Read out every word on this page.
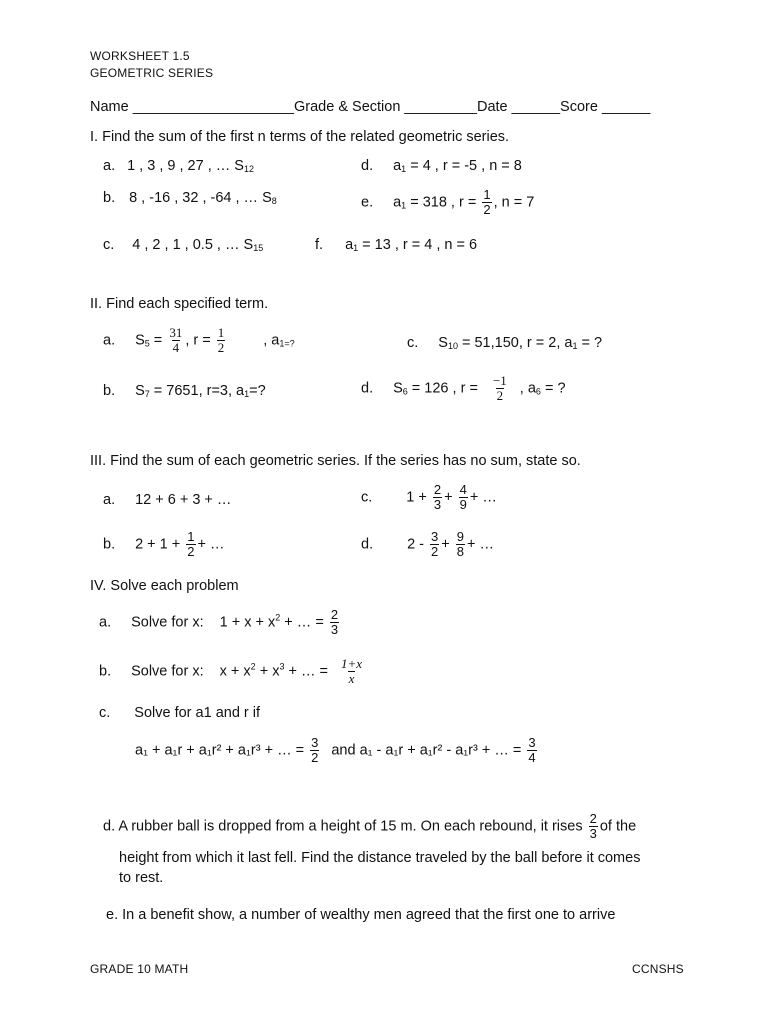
WORKSHEET 1.5
GEOMETRIC SERIES
Name ____________________Grade & Section _________Date ______Score ______
I. Find the sum of the first n terms of the related geometric series.
a. 1 , 3 , 9 , 27 , … $S_{12}$	d. $a_1 = 4$ , r = -5 , n = 8
b. 8 , -16 , 32 , -64 , … $S_8$	e. $a_1 = 318$ , $r = \frac{1}{2}$ , n = 7
c. 4 , 2 , 1 , 0.5 , … $S_{15}$	f. $a_1 = 13$ , r = 4 , n = 6
II. Find each specified term.
a. $S_5 = \frac{31}{4}$ , $r = \frac{1}{2}$	, $a_{1=?}$	c. $S_{10} = 51,150$, r = 2, $a_1$ = ?
b. $S_7 = 7651$, r=3, $a_1=$?	d. $S_6 = 126$ , $r = \frac{-1}{2}$ , $a_6$ = ?
III. Find the sum of each geometric series. If the series has no sum, state so.
a. 12 + 6 + 3 + …	c. $1 + \frac{2}{3} + \frac{4}{9}$ + …
b. $2 + 1 + \frac{1}{2}$ + …	d. $2 - \frac{3}{2} + \frac{9}{8}$ + …
IV. Solve each problem
a. Solve for x: $1 + x + x^2$ + … = $\frac{2}{3}$
b. Solve for x: $x + x^2 + x^3$ + … = $\frac{1+x}{x}$
c. Solve for a1 and r if
a₁ + a₁r + a₁r² + a₁r³ + … = $\frac{3}{2}$ and a₁ - a₁r + a₁r² - a₁r³ + … = $\frac{3}{4}$
d. A rubber ball is dropped from a height of 15 m. On each rebound, it rises $\frac{2}{3}$ of the
height from which it last fell. Find the distance traveled by the ball before it comes
to rest.
e. In a benefit show, a number of wealthy men agreed that the first one to arrive
GRADE 10 MATH	CCNSHS
